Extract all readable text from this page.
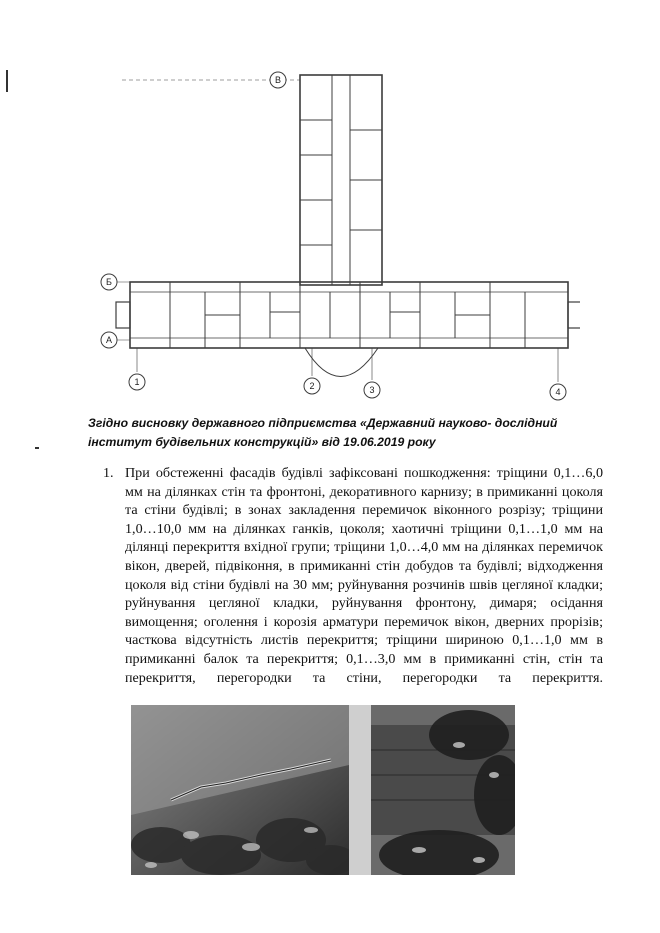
В
Б
А
1	2	3	4
Згідно висновку державного підприємства «Державний науково- дослідний інститут будівельних конструкцій» від 19.06.2019 року
1. При обстеженні фасадів будівлі зафіксовані пошкодження: тріщини 0,1…6,0 мм на ділянках стін та фронтоні, декоративного карнизу; в примиканні цоколя та стіни будівлі; в зонах закладення перемичок віконного розрізу; тріщини 1,0…10,0 мм на ділянках ганків, цоколя; хаотичні тріщини 0,1…1,0 мм на ділянці перекриття вхідної групи; тріщини 1,0…4,0 мм на ділянках перемичок вікон, дверей, підвіконня, в примиканні стін добудов та будівлі; відходження цоколя від стіни будівлі на 30 мм; руйнування розчинів швів цегляної кладки; руйнування цегляної кладки, руйнування фронтону, димаря; осідання вимощення; оголення і корозія арматури перемичок вікон, дверних прорізів; часткова відсутність листів перекриття; тріщини шириною 0,1…1,0 мм в примиканні балок та перекриття; 0,1…3,0 мм в примиканні стін, стін та перекриття, перегородки та стіни, перегородки та перекриття.
